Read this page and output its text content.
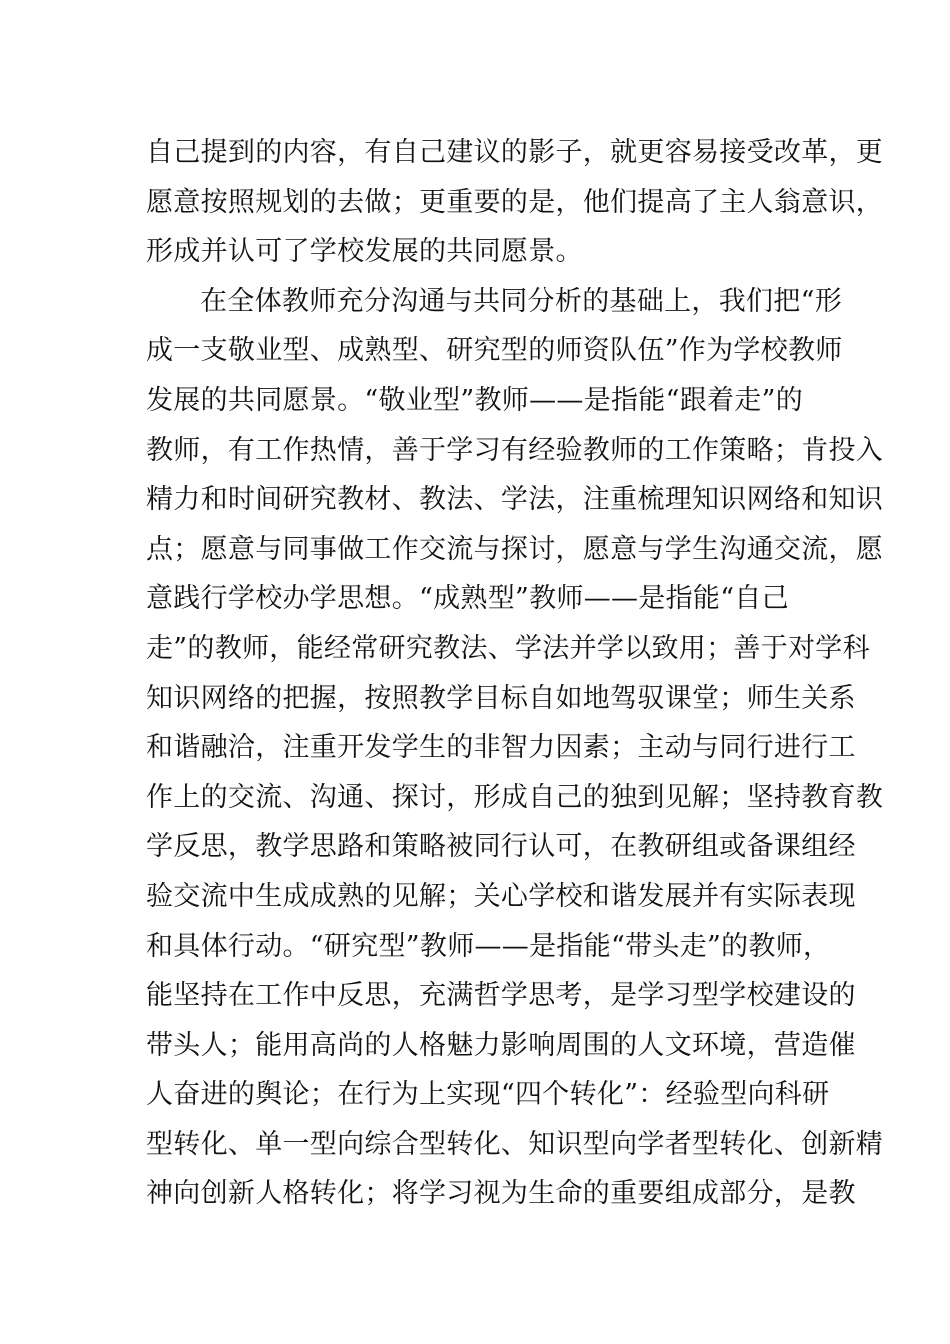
自己提到的内容，有自己建议的影子，就更容易接受改革，更
愿意按照规划的去做；更重要的是，他们提高了主人翁意识，
形成并认可了学校发展的共同愿景。
在全体教师充分沟通与共同分析的基础上，我们把“形
成一支敬业型、成熟型、研究型的师资队伍”作为学校教师
发展的共同愿景。“敬业型”教师——是指能“跟着走”的
教师，有工作热情，善于学习有经验教师的工作策略；肯投入
精力和时间研究教材、教法、学法，注重梳理知识网络和知识
点；愿意与同事做工作交流与探讨，愿意与学生沟通交流，愿
意践行学校办学思想。“成熟型”教师——是指能“自己
走”的教师，能经常研究教法、学法并学以致用；善于对学科
知识网络的把握，按照教学目标自如地驾驭课堂；师生关系
和谐融洽，注重开发学生的非智力因素；主动与同行进行工
作上的交流、沟通、探讨，形成自己的独到见解；坚持教育教
学反思，教学思路和策略被同行认可，在教研组或备课组经
验交流中生成成熟的见解；关心学校和谐发展并有实际表现
和具体行动。“研究型”教师——是指能“带头走”的教师，
能坚持在工作中反思，充满哲学思考，是学习型学校建设的
带头人；能用高尚的人格魅力影响周围的人文环境，营造催
人奋进的舆论；在行为上实现“四个转化”：经验型向科研
型转化、单一型向综合型转化、知识型向学者型转化、创新精
神向创新人格转化；将学习视为生命的重要组成部分，是教
